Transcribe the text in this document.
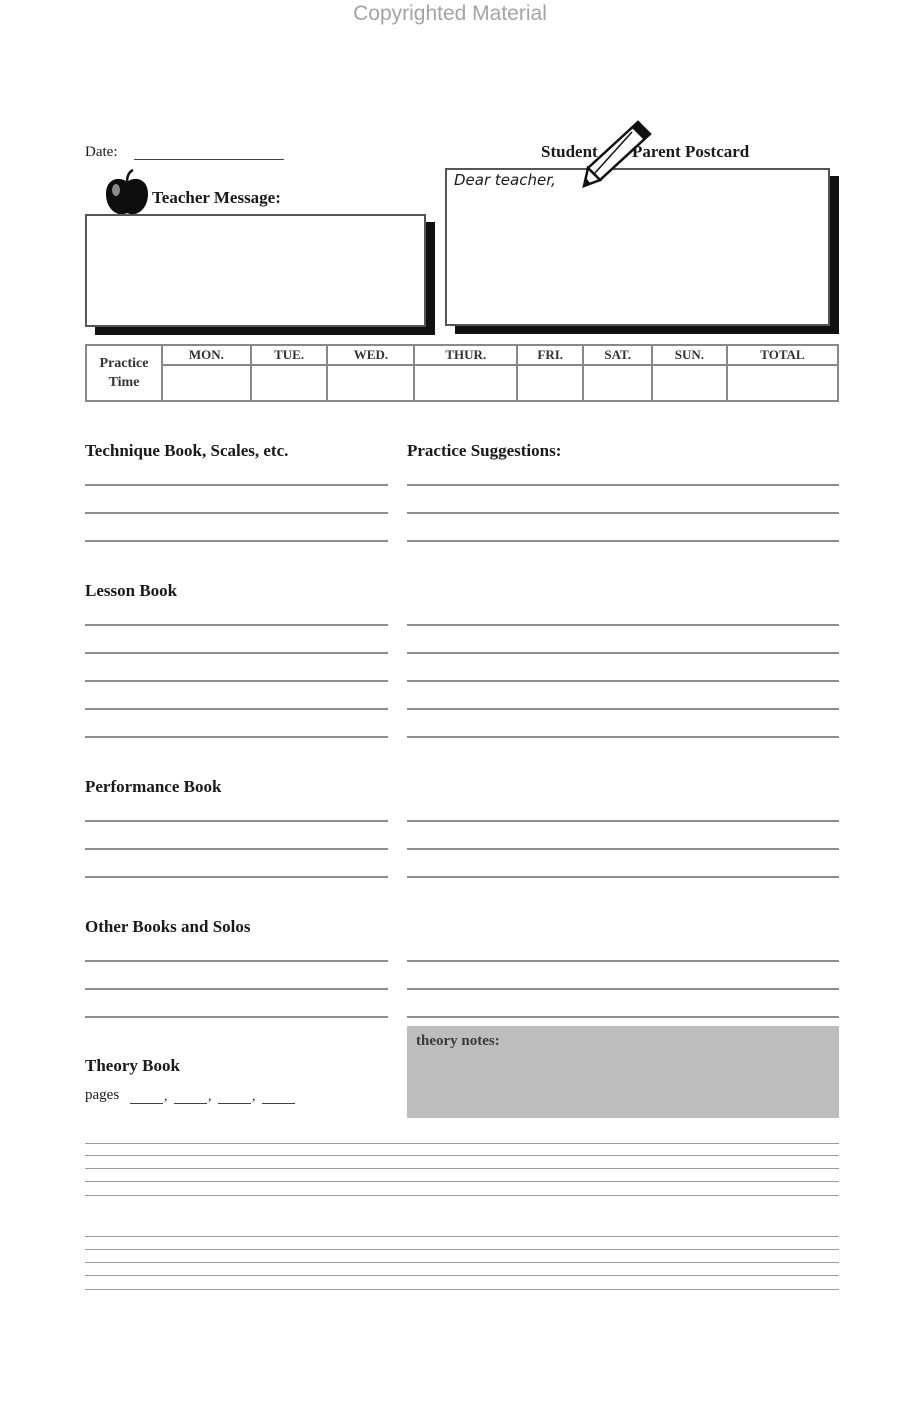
Copyrighted Material
Date:
Teacher Message:
Student Parent Postcard
Dear teacher,
Practice
Time	MON.	TUE.	WED.	THUR.	FRI.	SAT.	SUN.	TOTAL

Technique Book, Scales, etc.	Practice Suggestions:
Lesson Book
Performance Book
Other Books and Solos
Theory Book
theory notes:
pages	,	,	,
